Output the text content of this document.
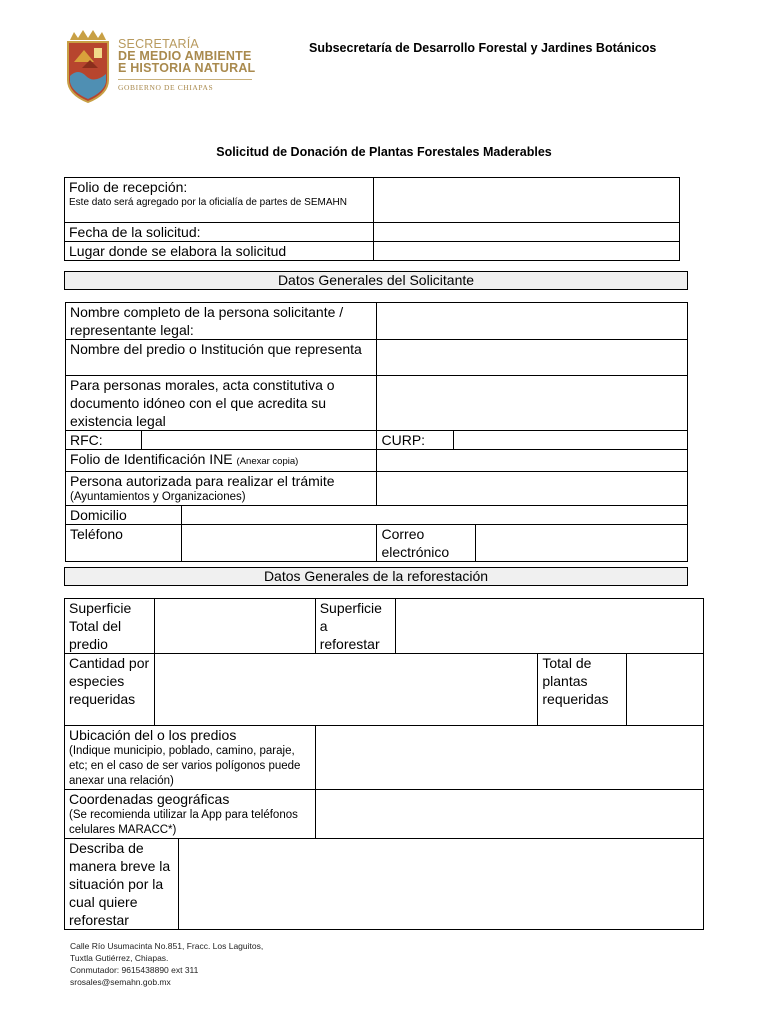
SECRETARÍA
DE MEDIO AMBIENTE
E HISTORIA NATURAL
GOBIERNO DE CHIAPAS
Subsecretaría de Desarrollo Forestal y Jardines Botánicos
Solicitud de Donación de Plantas Forestales Maderables
Folio de recepción:
Este dato será agregado por la oficialía de partes de SEMAHN	

Fecha de la solicitud:	
Lugar donde se elabora la solicitud	
Datos Generales del Solicitante
Nombre completo de la persona solicitante / representante legal:					
Nombre del predio o Institución que representa					
Para personas morales, acta constitutiva o documento idóneo con el que acredita su existencia legal					
RFC:			CURP:		
Folio de Identificación INE (Anexar copia)					

Persona autorizada para realizar el trámite
(Ayuntamientos y Organizaciones)					

Domicilio					
Teléfono			Correo electrónico		
Datos Generales de la reforestación
Superficie Total del predio			Superficie a reforestar			
Cantidad por especies requeridas					Total de plantas requeridas	

Ubicación del o los predios
(Indique municipio, poblado, camino, paraje, etc; en el caso de ser varios polígonos puede anexar una relación)						

Coordenadas geográficas
(Se recomienda utilizar la App para teléfonos celulares MARACC*)						

Describa de manera breve la situación por la cual quiere reforestar						
Calle Río Usumacinta No.851, Fracc. Los Laguitos,
Tuxtla Gutiérrez, Chiapas.
Conmutador: 9615438890 ext 311
srosales@semahn.gob.mx
